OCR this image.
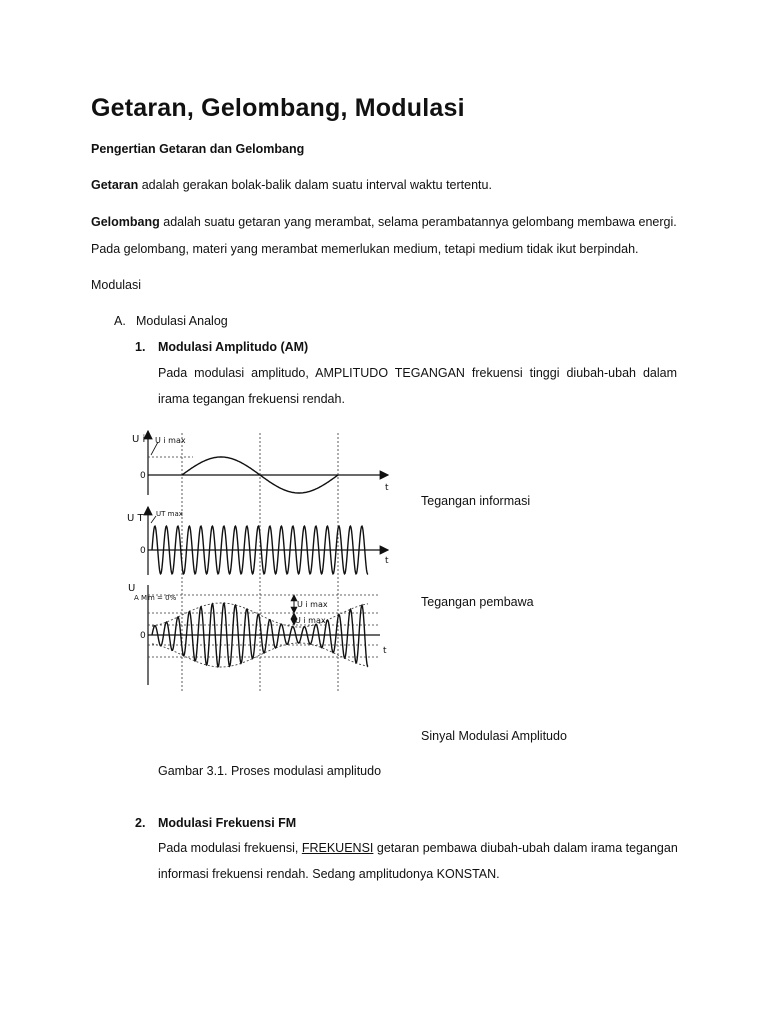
Getaran, Gelombang, Modulasi
Pengertian Getaran dan Gelombang
Getaran adalah gerakan bolak-balik dalam suatu interval waktu tertentu.
Gelombang adalah suatu getaran yang merambat, selama perambatannya gelombang membawa energi.
Pada gelombang, materi yang merambat memerlukan medium, tetapi medium tidak ikut berpindah.
Modulasi
A. Modulasi Analog
1. Modulasi Amplitudo (AM)
Pada modulasi amplitudo, AMPLITUDO TEGANGAN frekuensi tinggi diubah-ubah dalam
irama tegangan frekuensi rendah.
U i U i max
0
t
U T UT max
0
t
U
A M m = 0%
U i max
U i max
0
t
Tegangan informasi
Tegangan pembawa
Sinyal Modulasi Amplitudo
Gambar 3.1. Proses modulasi amplitudo
2. Modulasi Frekuensi FM
Pada modulasi frekuensi, FREKUENSI getaran pembawa diubah-ubah dalam irama tegangan
informasi frekuensi rendah. Sedang amplitudonya KONSTAN.
